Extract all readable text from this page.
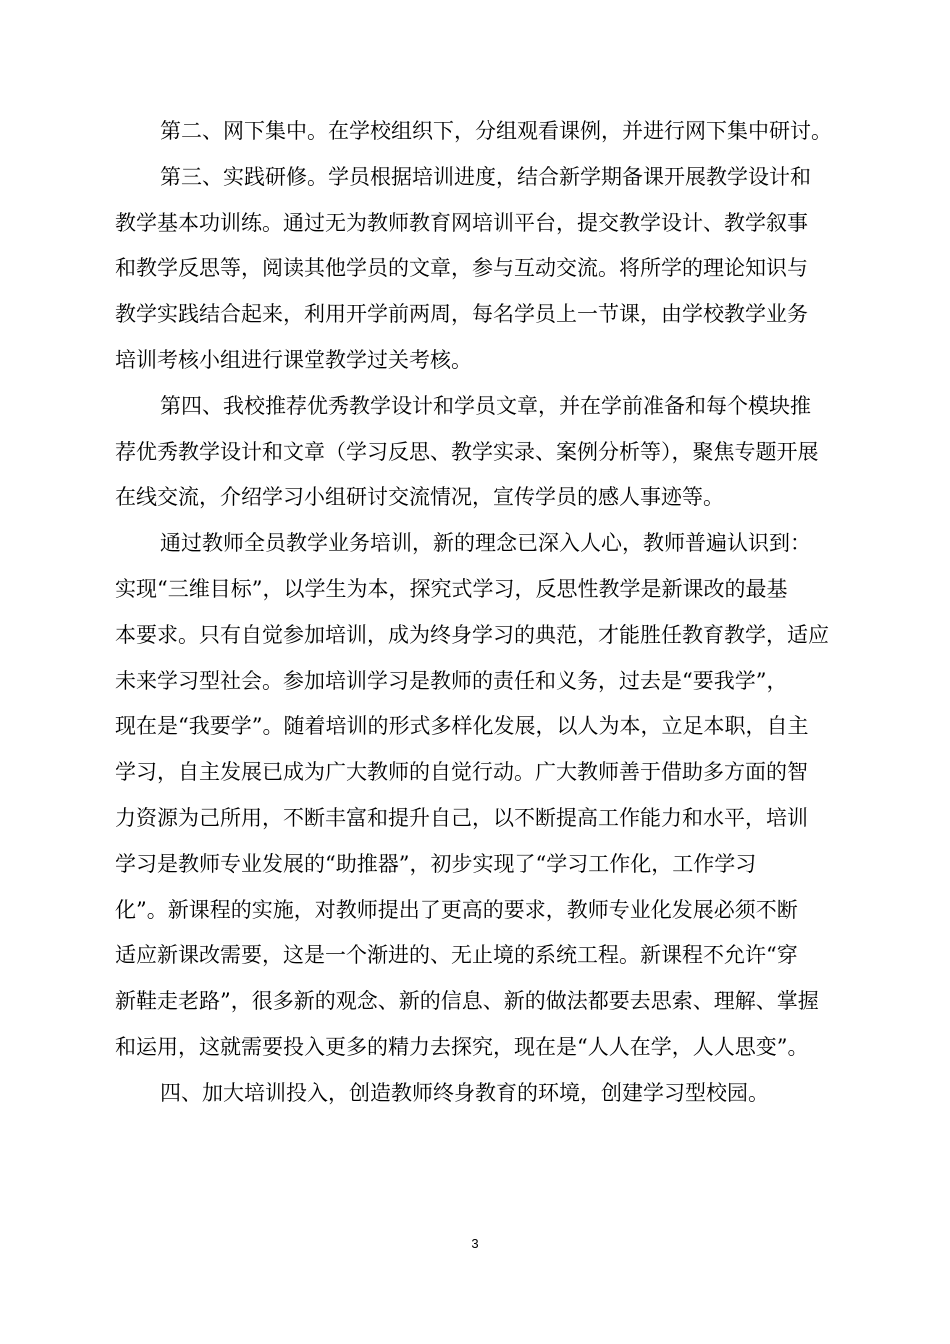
第二、网下集中。在学校组织下，分组观看课例，并进行网下集中研讨。
第三、实践研修。学员根据培训进度，结合新学期备课开展教学设计和
教学基本功训练。通过无为教师教育网培训平台，提交教学设计、教学叙事
和教学反思等，阅读其他学员的文章，参与互动交流。将所学的理论知识与
教学实践结合起来，利用开学前两周，每名学员上一节课，由学校教学业务
培训考核小组进行课堂教学过关考核。
第四、我校推荐优秀教学设计和学员文章，并在学前准备和每个模块推
荐优秀教学设计和文章（学习反思、教学实录、案例分析等），聚焦专题开展
在线交流，介绍学习小组研讨交流情况，宣传学员的感人事迹等。
通过教师全员教学业务培训，新的理念已深入人心，教师普遍认识到：
实现“三维目标”，以学生为本，探究式学习，反思性教学是新课改的最基
本要求。只有自觉参加培训，成为终身学习的典范，才能胜任教育教学，适应
未来学习型社会。参加培训学习是教师的责任和义务，过去是“要我学”，
现在是“我要学”。随着培训的形式多样化发展，以人为本，立足本职，自主
学习，自主发展已成为广大教师的自觉行动。广大教师善于借助多方面的智
力资源为己所用，不断丰富和提升自己，以不断提高工作能力和水平，培训
学习是教师专业发展的“助推器”，初步实现了“学习工作化，工作学习
化”。新课程的实施，对教师提出了更高的要求，教师专业化发展必须不断
适应新课改需要，这是一个渐进的、无止境的系统工程。新课程不允许“穿
新鞋走老路”，很多新的观念、新的信息、新的做法都要去思索、理解、掌握
和运用，这就需要投入更多的精力去探究，现在是“人人在学，人人思变”。
四、加大培训投入，创造教师终身教育的环境，创建学习型校园。
3
